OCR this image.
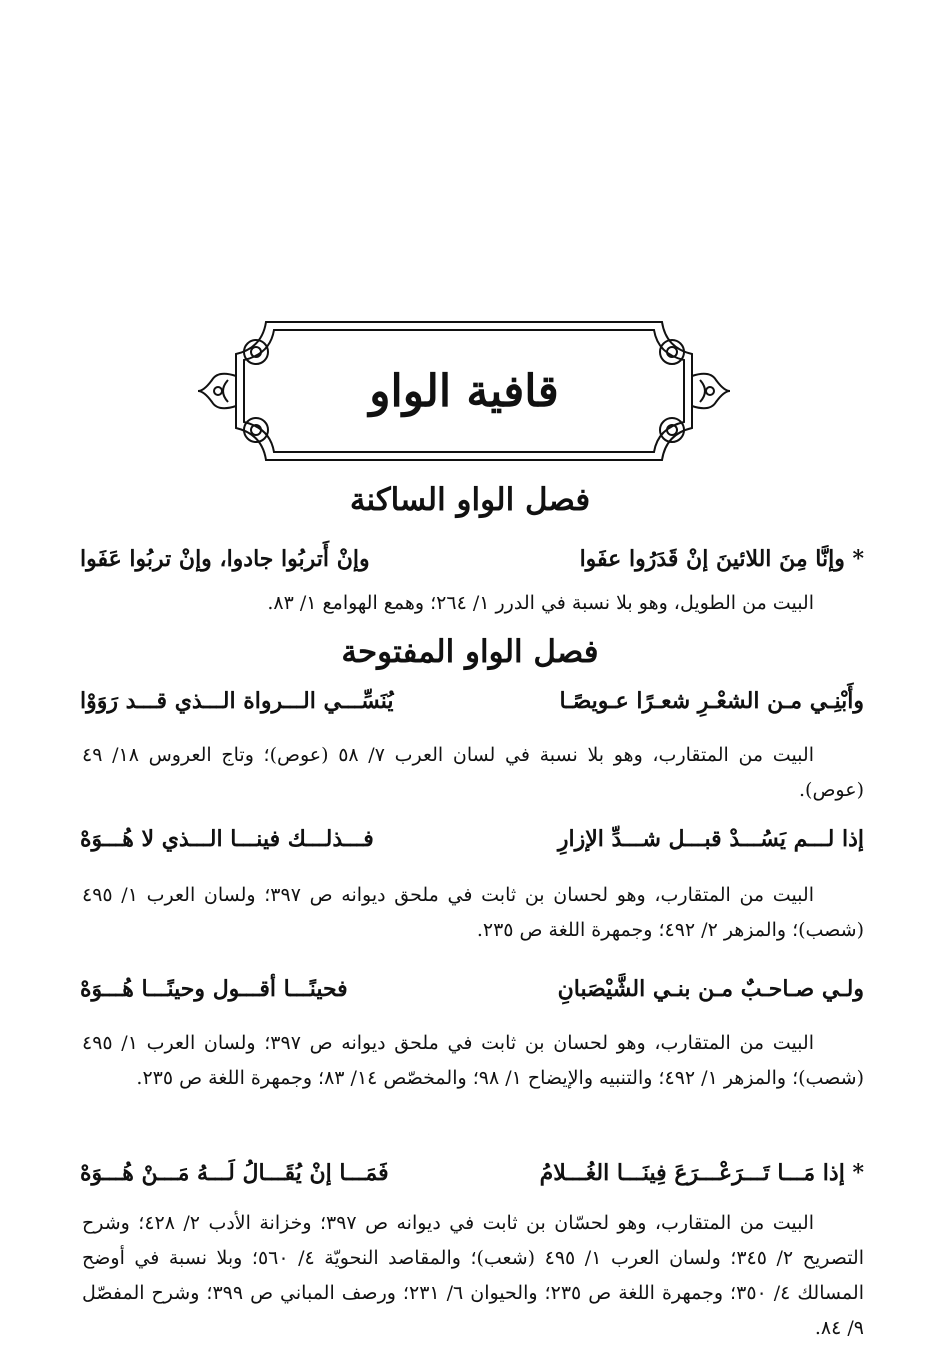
قافية الواو
فصل الواو الساكنة
* وإنَّا مِنَ اللائينَ إنْ قَدَرُوا عفَوا
وإنْ أَتربُوا جادوا، وإنْ تربُوا عَفَوا
البيت من الطويل، وهو بلا نسبة في الدرر ١/ ٢٦٤؛ وهمع الهوامع ١/ ٨٣.
فصل الواو المفتوحة
وأَبْنِـي مـن الشعْـرِ شعـرًا عـويصًـا
يُنَسِّـــي الـــرواة الـــذي قـــد رَوَوْا
البيت من المتقارب، وهو بلا نسبة في لسان العرب ٧/ ٥٨ (عوص)؛ وتاج العروس ١٨/ ٤٩ (عوص).
إذا لـــم يَسُـــدْ قبـــل شـــدِّ الإزارِ
فـــذلـــك فينـــا الـــذي لا هُـــوَهْ
البيت من المتقارب، وهو لحسان بن ثابت في ملحق ديوانه ص ٣٩٧؛ ولسان العرب ١/ ٤٩٥ (شصب)؛ والمزهر ٢/ ٤٩٢؛ وجمهرة اللغة ص ٢٣٥.
ولـي صـاحـبٌ مـن بنـي الشَّيْصَبانِ
فحينًـــا أقـــول وحينًـــا هُـــوَهْ
البيت من المتقارب، وهو لحسان بن ثابت في ملحق ديوانه ص ٣٩٧؛ ولسان العرب ١/ ٤٩٥ (شصب)؛ والمزهر ١/ ٤٩٢؛ والتنبيه والإيضاح ١/ ٩٨؛ والمخصّص ١٤/ ٨٣؛ وجمهرة اللغة ص ٢٣٥.
* إذا مَـــا تَـــرَعْـــرَعَ فِينَـــا الغُـــلامُ
فَمَـــا إنْ يُقَـــالُ لَـــهُ مَـــنْ هُـــوَهْ
البيت من المتقارب، وهو لحسّان بن ثابت في ديوانه ص ٣٩٧؛ وخزانة الأدب ٢/ ٤٢٨؛ وشرح التصريح ٢/ ٣٤٥؛ ولسان العرب ١/ ٤٩٥ (شعب)؛ والمقاصد النحويّة ٤/ ٥٦٠؛ وبلا نسبة في أوضح المسالك ٤/ ٣٥٠؛ وجمهرة اللغة ص ٢٣٥؛ والحيوان ٦/ ٢٣١؛ ورصف المباني ص ٣٩٩؛ وشرح المفصّل ٩/ ٨٤.
